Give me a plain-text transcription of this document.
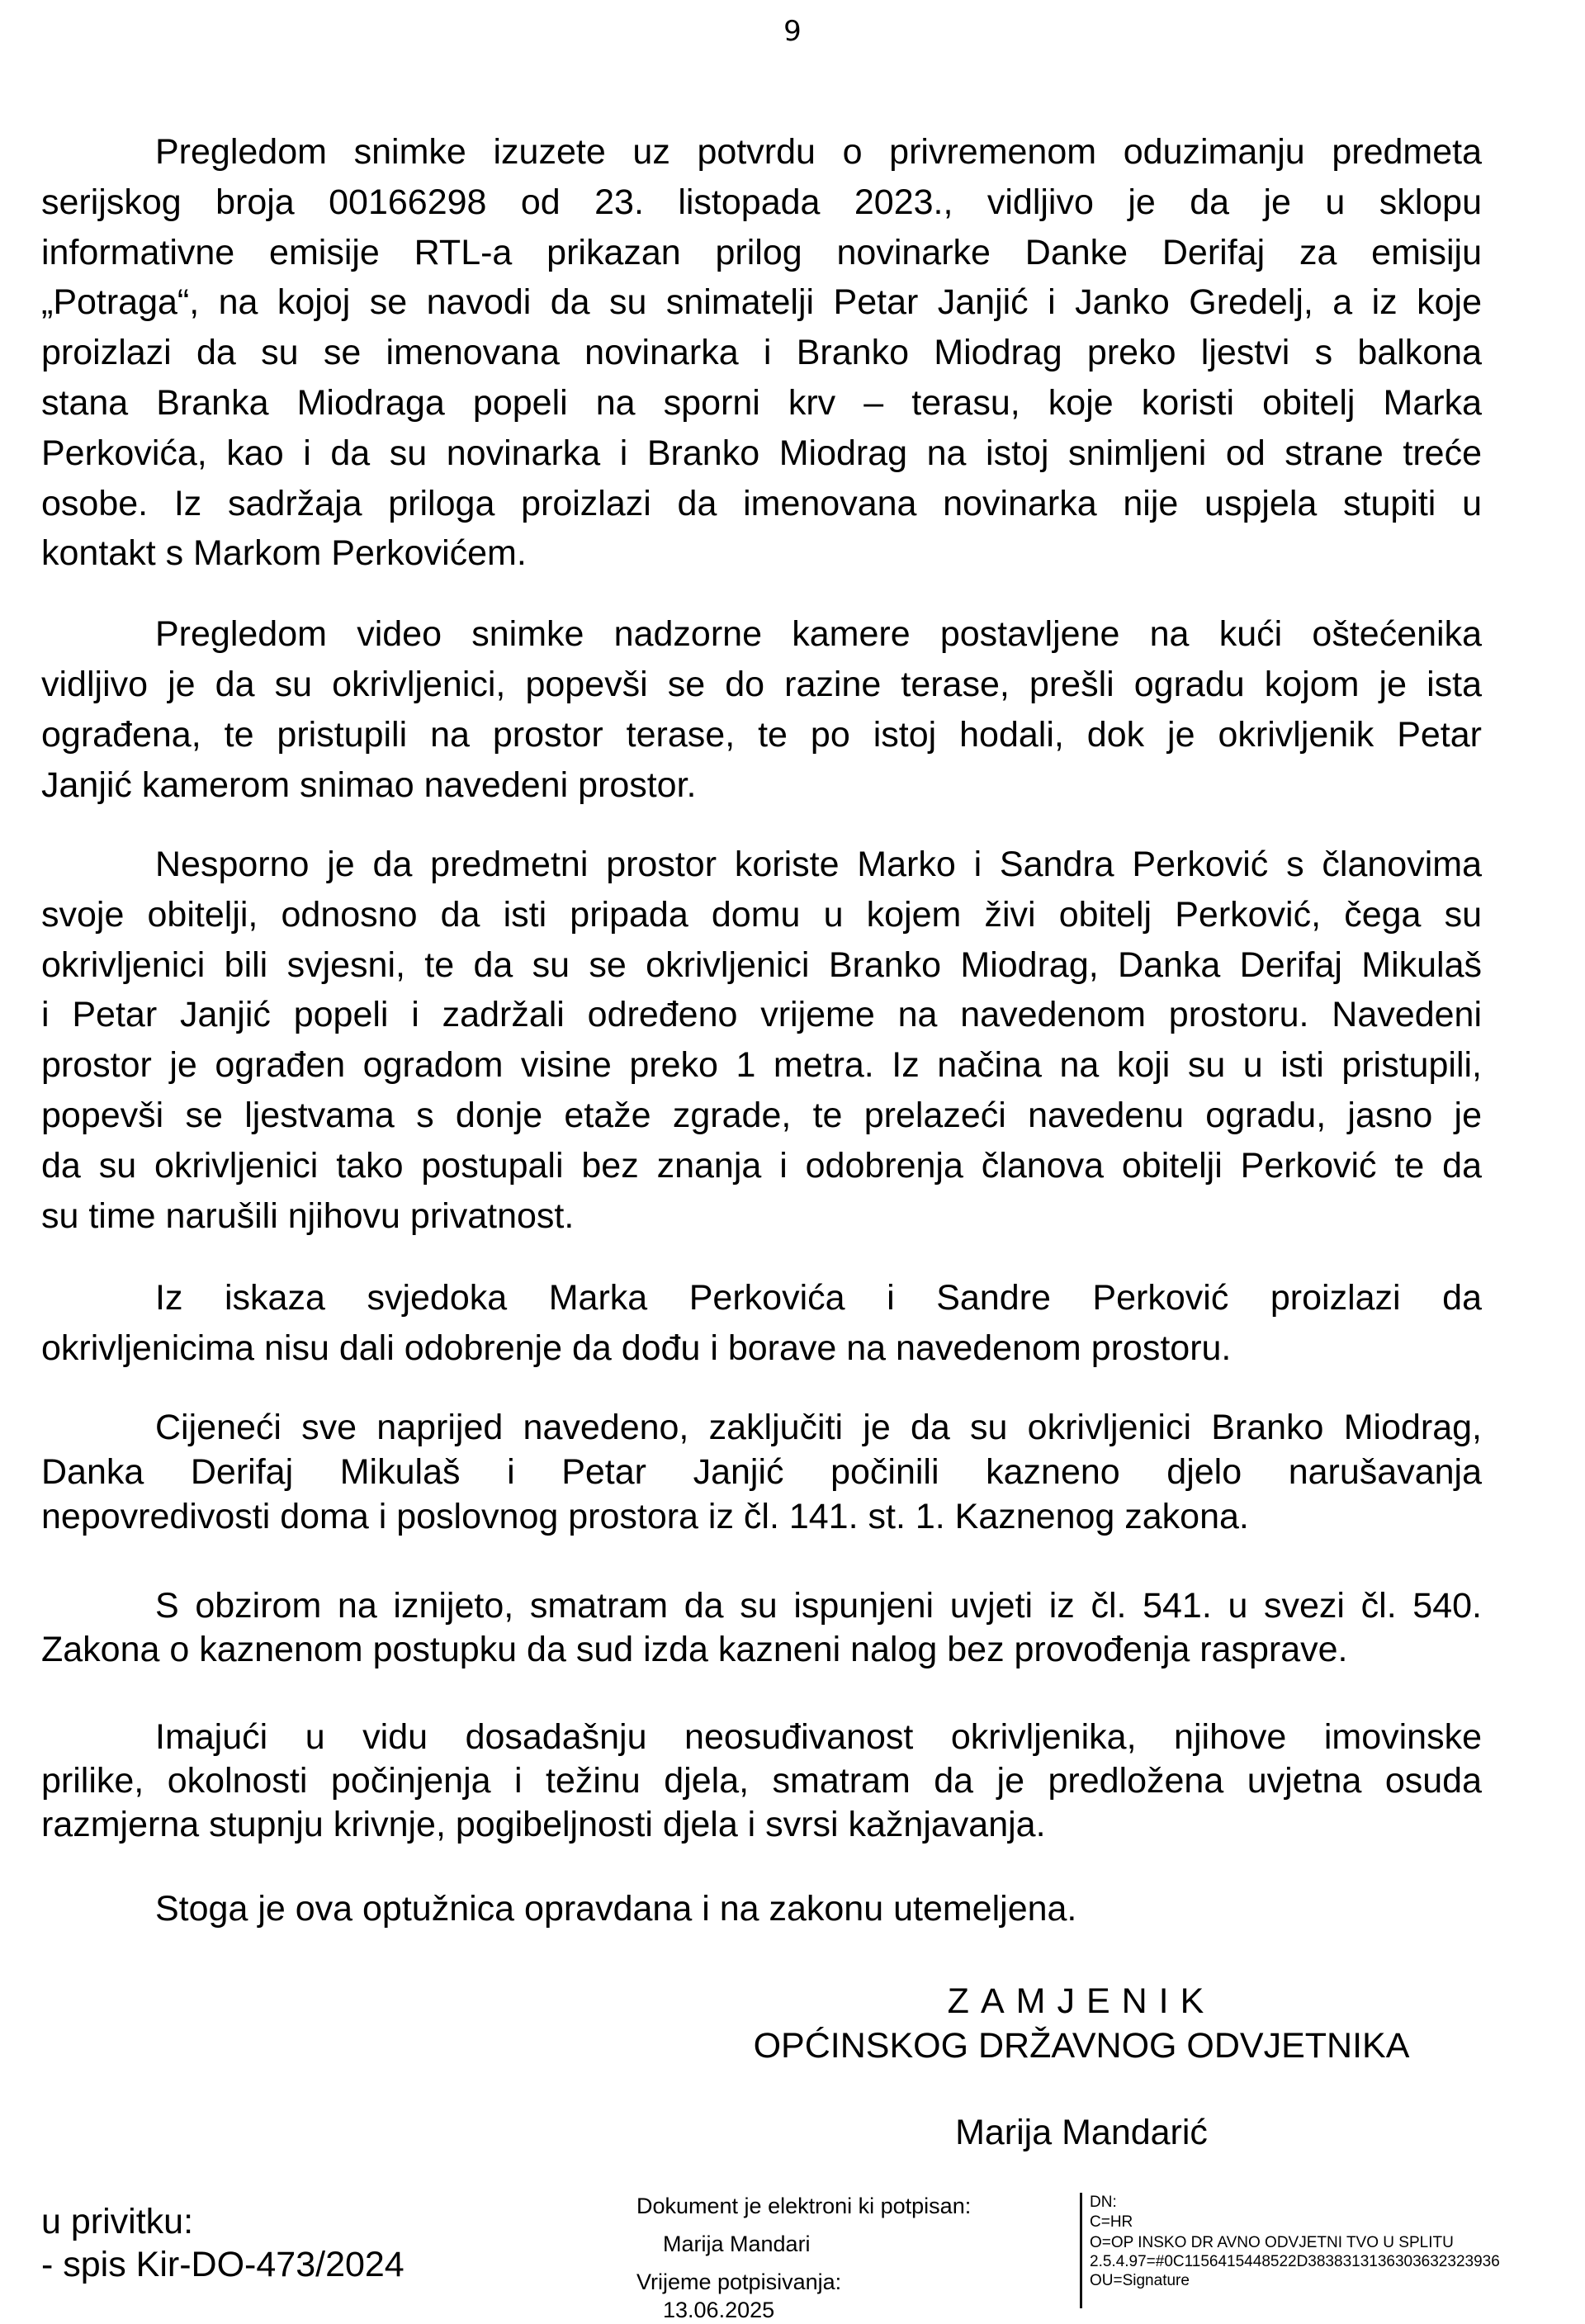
9
Pregledom snimke izuzete uz potvrdu o privremenom oduzimanju predmeta
serijskog broja 00166298 od 23. listopada 2023., vidljivo je da je u sklopu
informativne emisije RTL-a prikazan prilog novinarke Danke Derifaj za emisiju
„Potraga“, na kojoj se navodi da su snimatelji Petar Janjić i Janko Gredelj, a iz koje
proizlazi da su se imenovana novinarka i Branko Miodrag preko ljestvi s balkona
stana Branka Miodraga popeli na sporni krv – terasu, koje koristi obitelj Marka
Perkovića, kao i da su novinarka i Branko Miodrag na istoj snimljeni od strane treće
osobe. Iz sadržaja priloga proizlazi da imenovana novinarka nije uspjela stupiti u
kontakt s Markom Perkovićem.
Pregledom video snimke nadzorne kamere postavljene na kući oštećenika
vidljivo je da su okrivljenici, popevši se do razine terase, prešli ogradu kojom je ista
ograđena, te pristupili na prostor terase, te po istoj hodali, dok je okrivljenik Petar
Janjić kamerom snimao navedeni prostor.
Nesporno je da predmetni prostor koriste Marko i Sandra Perković s članovima
svoje obitelji, odnosno da isti pripada domu u kojem živi obitelj Perković, čega su
okrivljenici bili svjesni, te da su se okrivljenici Branko Miodrag, Danka Derifaj Mikulaš
i Petar Janjić popeli i zadržali određeno vrijeme na navedenom prostoru. Navedeni
prostor je ograđen ogradom visine preko 1 metra. Iz načina na koji su u isti pristupili,
popevši se ljestvama s donje etaže zgrade, te prelazeći navedenu ogradu, jasno je
da su okrivljenici tako postupali bez znanja i odobrenja članova obitelji Perković te da
su time narušili njihovu privatnost.
Iz iskaza svjedoka Marka Perkovića i Sandre Perković proizlazi da
okrivljenicima nisu dali odobrenje da dođu i borave na navedenom prostoru.
Cijeneći sve naprijed navedeno, zaključiti je da su okrivljenici Branko Miodrag,
Danka Derifaj Mikulaš i Petar Janjić počinili kazneno djelo narušavanja
nepovredivosti doma i poslovnog prostora iz čl. 141. st. 1. Kaznenog zakona.
S obzirom na iznijeto, smatram da su ispunjeni uvjeti iz čl. 541. u svezi čl. 540.
Zakona o kaznenom postupku da sud izda kazneni nalog bez provođenja rasprave.
Imajući u vidu dosadašnju neosuđivanost okrivljenika, njihove imovinske
prilike, okolnosti počinjenja i težinu djela, smatram da je predložena uvjetna osuda
razmjerna stupnju krivnje, pogibeljnosti djela i svrsi kažnjavanja.
Stoga je ova optužnica opravdana i na zakonu utemeljena.
ZAMJENIK
OPĆINSKOG DRŽAVNOG ODVJETNIKA
Marija Mandarić
u privitku:
- spis Kir-DO-473/2024
Dokument je elektroni ki potpisan:
Marija Mandari
Vrijeme potpisivanja:
13.06.2025
DN:
C=HR
O=OP INSKO DR AVNO ODVJETNI TVO U SPLITU
2.5.4.97=#0C1156415448522D3838313136303632323936
OU=Signature
